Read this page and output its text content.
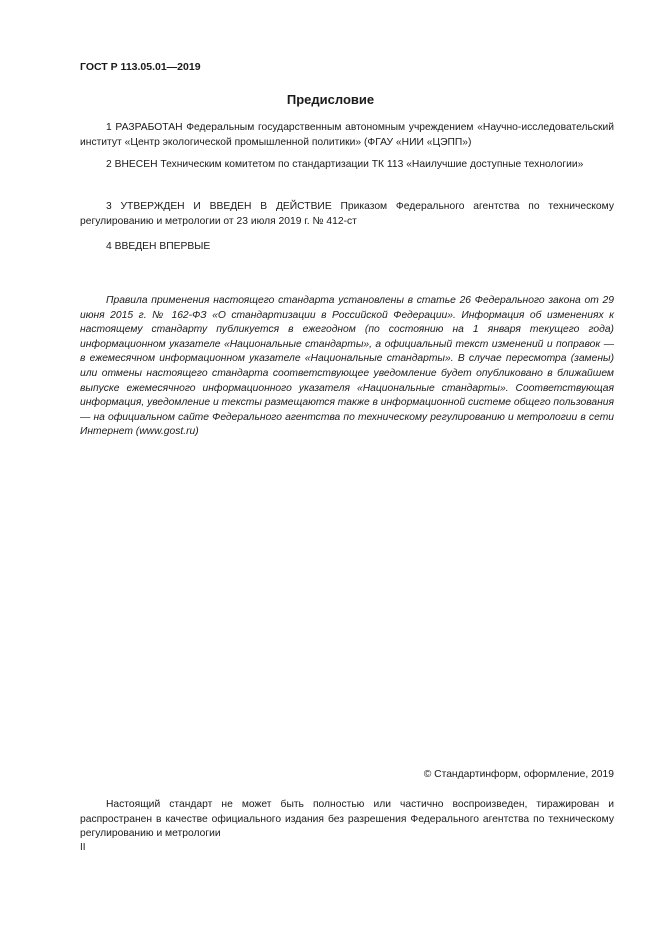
ГОСТ Р 113.05.01—2019
Предисловие
1 РАЗРАБОТАН Федеральным государственным автономным учреждением «Научно-исследовательский институт «Центр экологической промышленной политики» (ФГАУ «НИИ «ЦЭПП»)
2 ВНЕСЕН Техническим комитетом по стандартизации ТК 113 «Наилучшие доступные технологии»
3 УТВЕРЖДЕН И ВВЕДЕН В ДЕЙСТВИЕ Приказом Федерального агентства по техническому регулированию и метрологии от 23 июля 2019 г. № 412-ст
4 ВВЕДЕН ВПЕРВЫЕ
Правила применения настоящего стандарта установлены в статье 26 Федерального закона от 29 июня 2015 г. № 162-ФЗ «О стандартизации в Российской Федерации». Информация об изменениях к настоящему стандарту публикуется в ежегодном (по состоянию на 1 января текущего года) информационном указателе «Национальные стандарты», а официальный текст изменений и поправок — в ежемесячном информационном указателе «Национальные стандарты». В случае пересмотра (замены) или отмены настоящего стандарта соответствующее уведомление будет опубликовано в ближайшем выпуске ежемесячного информационного указателя «Национальные стандарты». Соответствующая информация, уведомление и тексты размещаются также в информационной системе общего пользования — на официальном сайте Федерального агентства по техническому регулированию и метрологии в сети Интернет (www.gost.ru)
© Стандартинформ, оформление, 2019
Настоящий стандарт не может быть полностью или частично воспроизведен, тиражирован и распространен в качестве официального издания без разрешения Федерального агентства по техническому регулированию и метрологии
II
